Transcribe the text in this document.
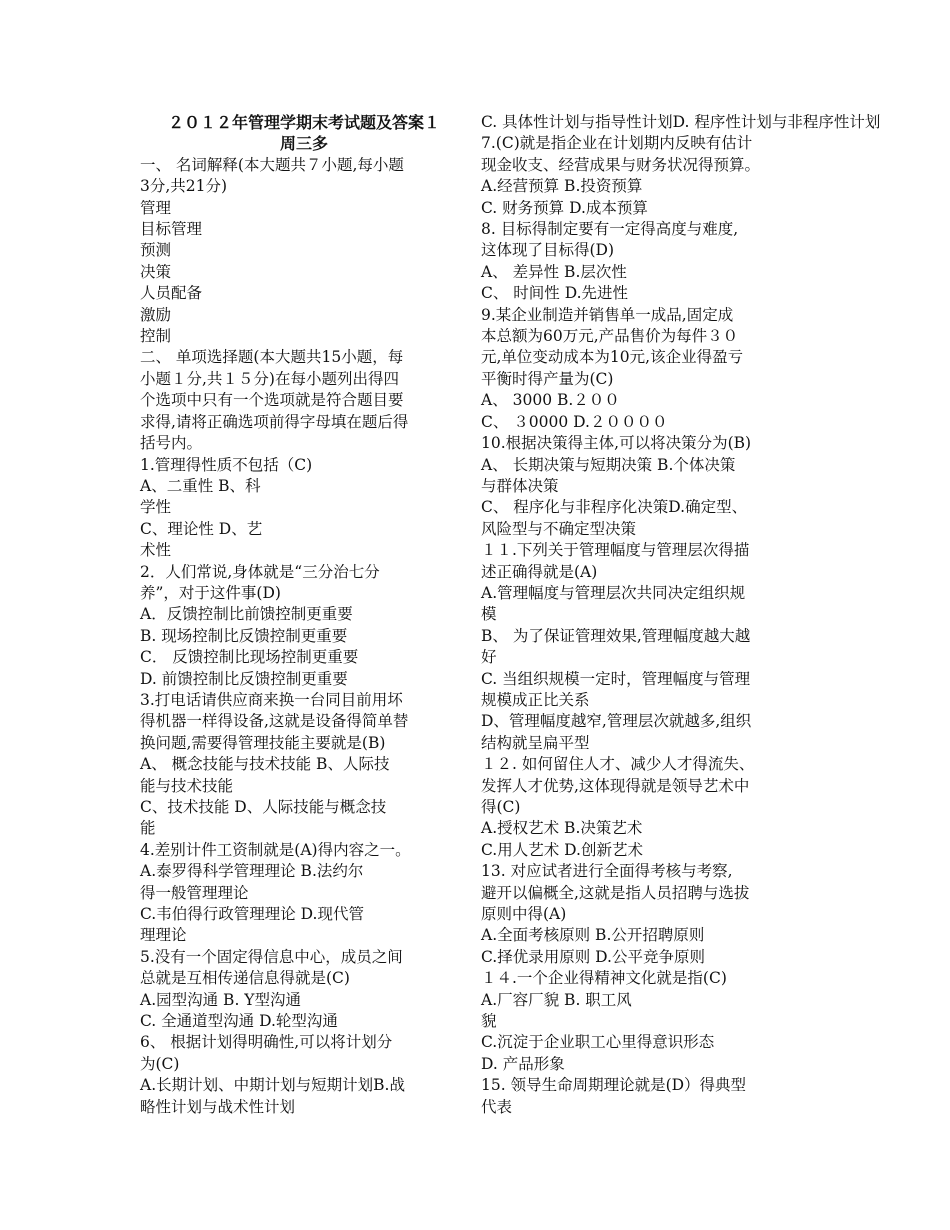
２０１２年管理学期末考试题及答案１
周三多
一、 名词解释(本大题共７小题,每小题
3分,共21分)
管理
目标管理
预测
决策
人员配备
激励
控制
二、 单项选择题(本大题共15小题，每
小题１分,共１５分)在每小题列出得四
个选项中只有一个选项就是符合题目要
求得,请将正确选项前得字母填在题后得
括号内。
1.管理得性质不包括（C)
A、二重性 B、科
学性
C、理论性 D、艺
术性
2．人们常说,身体就是“三分治七分
养”，对于这件事(D)
A．反馈控制比前馈控制更重要
B. 现场控制比反馈控制更重要
C． 反馈控制比现场控制更重要
D. 前馈控制比反馈控制更重要
3.打电话请供应商来换一台同目前用坏
得机器一样得设备,这就是设备得简单替
换问题,需要得管理技能主要就是(B)
A、 概念技能与技术技能 B、人际技
能与技术技能
C、技术技能 D、人际技能与概念技
能
4.差别计件工资制就是(A)得内容之一。
A.泰罗得科学管理理论 B.法约尔
得一般管理理论
C.韦伯得行政管理理论 D.现代管
理理论
5.没有一个固定得信息中心，成员之间
总就是互相传递信息得就是(C)
A.园型沟通 B. Y型沟通
C. 全通道型沟通 D.轮型沟通
6、 根据计划得明确性,可以将计划分
为(C)
A.长期计划、中期计划与短期计划B.战
略性计划与战术性计划
C. 具体性计划与指导性计划D. 程序性计划与非程序性计划
7.(C)就是指企业在计划期内反映有估计
现金收支、经营成果与财务状况得预算。
A.经营预算 B.投资预算
C. 财务预算 D.成本预算
8. 目标得制定要有一定得高度与难度,
这体现了目标得(D)
A、 差异性 B.层次性
C、 时间性 D.先进性
9.某企业制造并销售单一成品,固定成
本总额为60万元,产品售价为每件３０
元,单位变动成本为10元,该企业得盈亏
平衡时得产量为(C)
A、 3000 B.２００
C、 ３0000 D.２００００
10.根据决策得主体,可以将决策分为(B)
A、 长期决策与短期决策 B.个体决策
与群体决策
C、 程序化与非程序化决策D.确定型、
风险型与不确定型决策
１１.下列关于管理幅度与管理层次得描
述正确得就是(A)
A.管理幅度与管理层次共同决定组织规
模
B、 为了保证管理效果,管理幅度越大越
好
C. 当组织规模一定时，管理幅度与管理
规模成正比关系
D、管理幅度越窄,管理层次就越多,组织
结构就呈扁平型
１２. 如何留住人才、减少人才得流失、
发挥人才优势,这体现得就是领导艺术中
得(C)
A.授权艺术 B.决策艺术
C.用人艺术 D.创新艺术
13. 对应试者进行全面得考核与考察,
避开以偏概全,这就是指人员招聘与选拔
原则中得(A)
A.全面考核原则 B.公开招聘原则
C.择优录用原则 D.公平竞争原则
１４.一个企业得精神文化就是指(C)
A.厂容厂貌 B. 职工风
貌
C.沉淀于企业职工心里得意识形态
D. 产品形象
15. 领导生命周期理论就是(D）得典型
代表
